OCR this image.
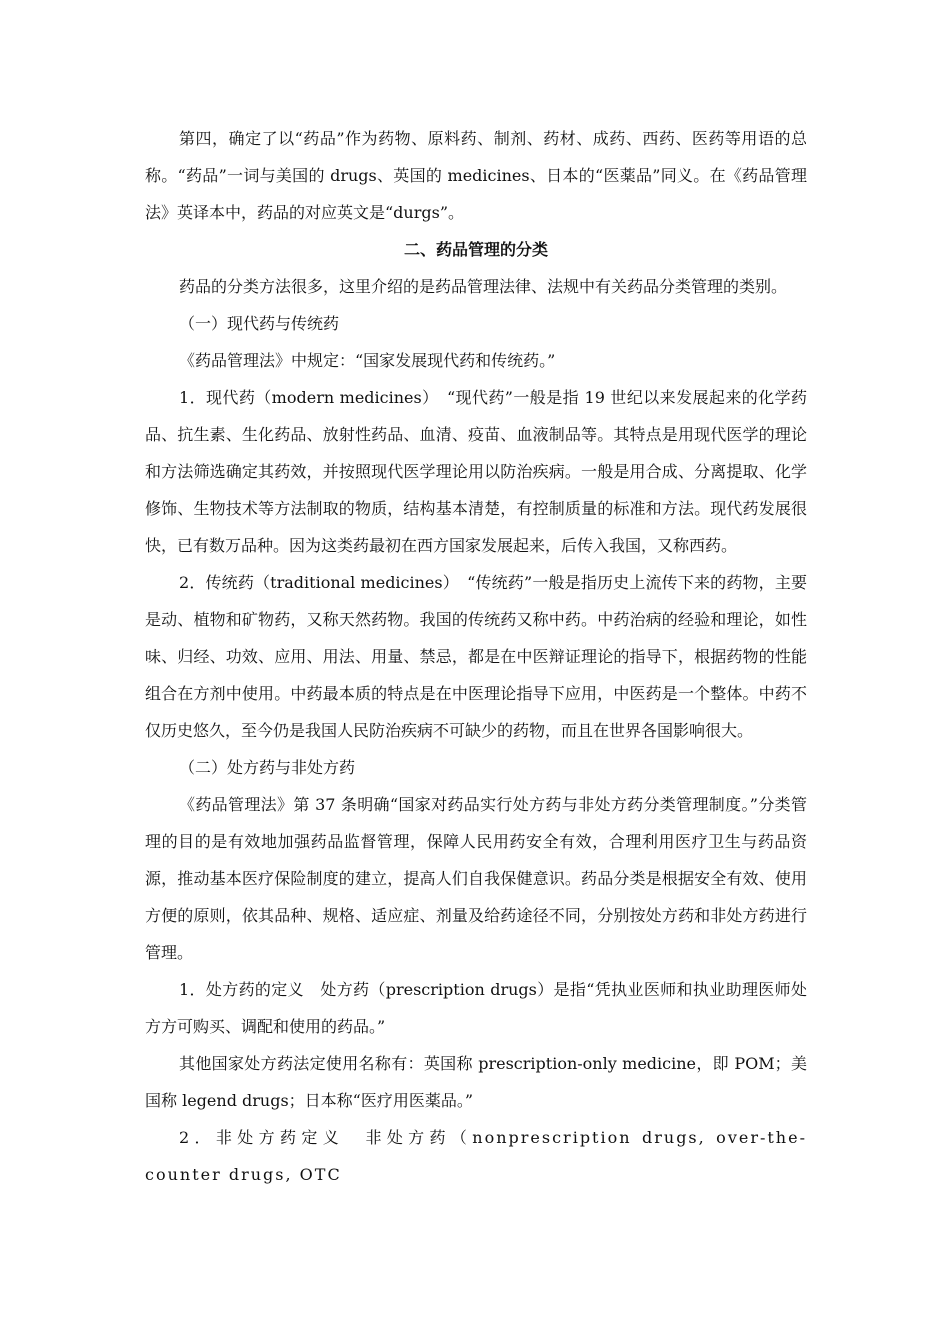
第四，确定了以“药品”作为药物、原料药、制剂、药材、成药、西药、医药等用语的总称。“药品”一词与美国的 drugs、英国的 medicines、日本的“医薬品”同义。在《药品管理法》英译本中，药品的对应英文是“durgs”。

二、药品管理的分类

药品的分类方法很多，这里介绍的是药品管理法律、法规中有关药品分类管理的类别。

（一）现代药与传统药

《药品管理法》中规定：“国家发展现代药和传统药。”

1．现代药（modern medicines）　“现代药”一般是指 19 世纪以来发展起来的化学药品、抗生素、生化药品、放射性药品、血清、疫苗、血液制品等。其特点是用现代医学的理论和方法筛选确定其药效，并按照现代医学理论用以防治疾病。一般是用合成、分离提取、化学修饰、生物技术等方法制取的物质，结构基本清楚，有控制质量的标准和方法。现代药发展很快，已有数万品种。因为这类药最初在西方国家发展起来，后传入我国，又称西药。

2．传统药（traditional medicines）　“传统药”一般是指历史上流传下来的药物，主要是动、植物和矿物药，又称天然药物。我国的传统药又称中药。中药治病的经验和理论，如性味、归经、功效、应用、用法、用量、禁忌，都是在中医辩证理论的指导下，根据药物的性能组合在方剂中使用。中药最本质的特点是在中医理论指导下应用，中医药是一个整体。中药不仅历史悠久，至今仍是我国人民防治疾病不可缺少的药物，而且在世界各国影响很大。

（二）处方药与非处方药

《药品管理法》第 37 条明确“国家对药品实行处方药与非处方药分类管理制度。”分类管理的目的是有效地加强药品监督管理，保障人民用药安全有效，合理利用医疗卫生与药品资源，推动基本医疗保险制度的建立，提高人们自我保健意识。药品分类是根据安全有效、使用方便的原则，依其品种、规格、适应症、剂量及给药途径不同，分别按处方药和非处方药进行管理。

1．处方药的定义　处方药（prescription drugs）是指“凭执业医师和执业助理医师处方方可购买、调配和使用的药品。”

其他国家处方药法定使用名称有：英国称 prescription-only medicine，即 POM；美国称 legend drugs；日本称“医疗用医薬品。”

2．非处方药定义　非处方药（nonprescription drugs, over-the-counter drugs, OTC
